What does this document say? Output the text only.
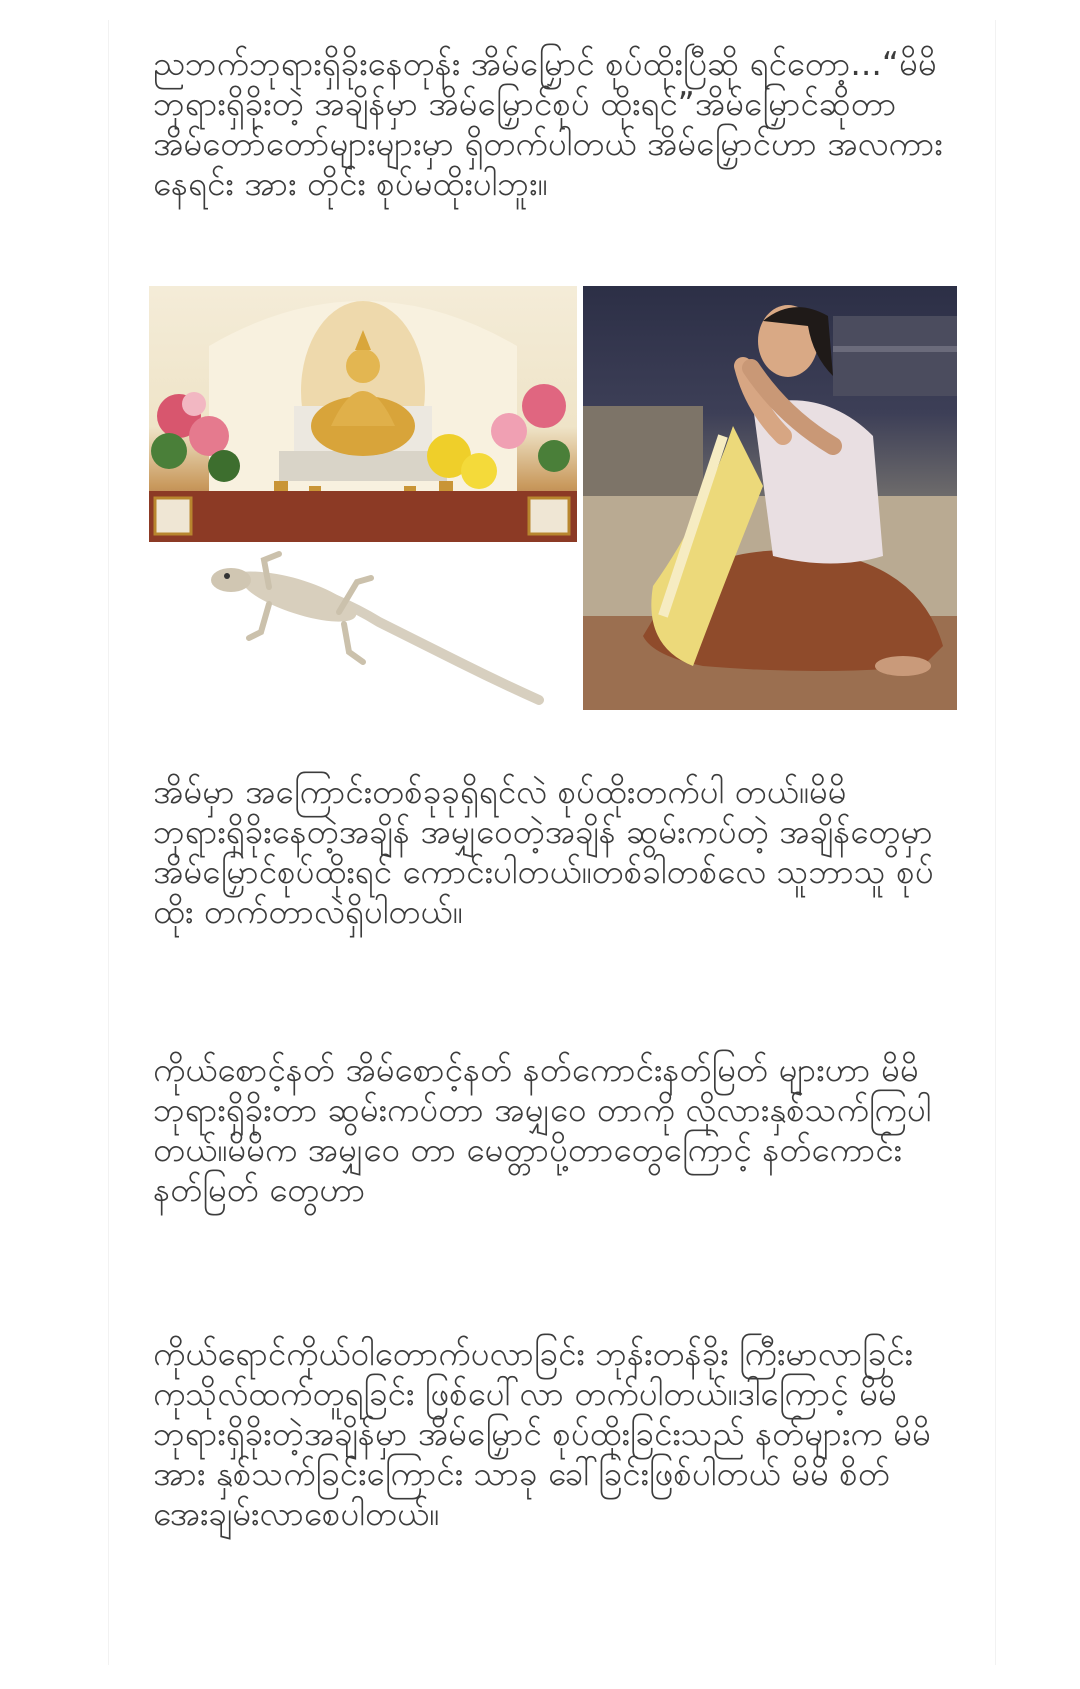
ညဘက်ဘုရားရှိခိုးနေတုန်း အိမ်မြှောင် စုပ်ထိုးပြီဆို ရင်တော့...“မိမိ ဘုရားရှိခိုးတဲ့ အချိန်မှာ အိမ်မြှောင်စုပ် ထိုးရင်”အိမ်မြှောင်ဆိုတာ အိမ်တော်တော်များများမှာ ရှိတက်ပါတယ် အိမ်မြှောင်ဟာ အလကားနေရင်း အား တိုင်း စုပ်မထိုးပါဘူး။

အိမ်မှာ အကြောင်းတစ်ခုခုရှိရင်လဲ စုပ်ထိုးတက်ပါ တယ်။မိမိ ဘုရားရှိခိုးနေတဲ့အချိန် အမျှဝေတဲ့အချိန် ဆွမ်းကပ်တဲ့ အချိန်တွေမှာ အိမ်မြှောင်စုပ်ထိုးရင် ကောင်းပါတယ်။တစ်ခါတစ်လေ သူဘာသူ စုပ်ထိုး တက်တာလဲရှိပါတယ်။

ကိုယ်စောင့်နတ် အိမ်စောင့်နတ် နတ်ကောင်းနတ်မြတ် များဟာ မိမိ ဘုရားရှိခိုးတာ ဆွမ်းကပ်တာ အမျှဝေ တာကို လိုလားနှစ်သက်ကြပါတယ်။မိမိက အမျှဝေ တာ မေတ္တာပို့တာတွေကြောင့် နတ်ကောင်း နတ်မြတ် တွေဟာ

ကိုယ်ရောင်ကိုယ်ဝါတောက်ပလာခြင်း ဘုန်းတန်ခိုး ကြီးမာလာခြင်း ကုသိုလ်ထက်တူရခြင်း ဖြစ်ပေါ်လာ တက်ပါတယ်။ဒါကြောင့် မိမိ ဘုရားရှိခိုးတဲ့အချိန်မှာ အိမ်မြှောင် စုပ်ထိုးခြင်းသည် နတ်များက မိမိအား နှစ်သက်ခြင်းကြောင်း သာခု ခေါ်ခြင်းဖြစ်ပါတယ် မိမိ စိတ်အေးချမ်းလာစေပါတယ်။
